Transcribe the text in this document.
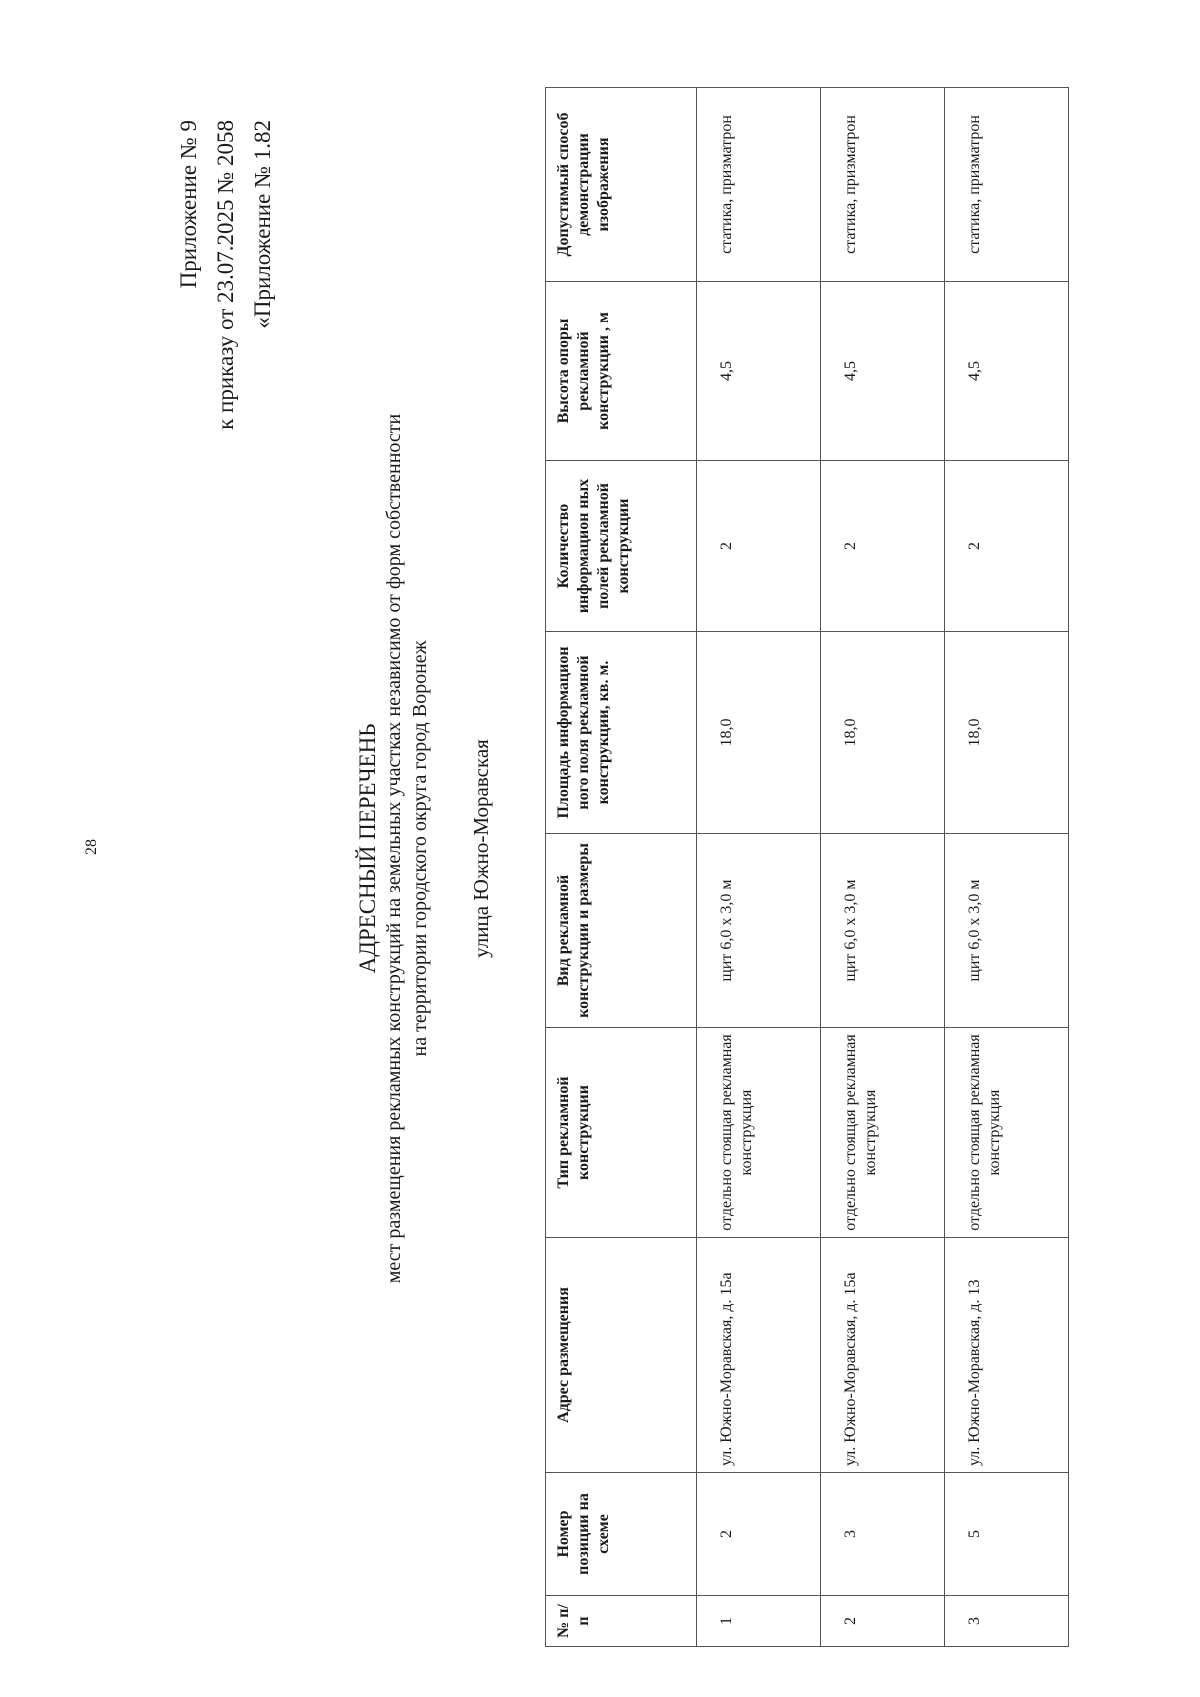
28
Приложение № 9 к приказу от 23.07.2025 № 2058 «Приложение № 1.82
АДРЕСНЫЙ ПЕРЕЧЕНЬ мест размещения рекламных конструкций на земельных участках независимо от форм собственности на территории городского округа город Воронеж улица Южно-Моравская
№ п/п	Номер позиции на схеме	Адрес размещения	Тип рекламной конструкции	Вид рекламной конструкции и размеры	Площадь информацион ного поля рекламной конструкции, кв. м.	Количество информацион ных полей рекламной конструкции	Высота опоры рекламной конструкции , м	Допустимый способ демонстрации изображения
1	2	ул. Южно-Моравская, д. 15а	отдельно стоящая рекламная конструкция	щит 6,0 х 3,0 м	18,0	2	4,5	статика, призматрон
2	3	ул. Южно-Моравская, д. 15а	отдельно стоящая рекламная конструкция	щит 6,0 х 3,0 м	18,0	2	4,5	статика, призматрон
3	5	ул. Южно-Моравская, д. 13	отдельно стоящая рекламная конструкция	щит 6,0 х 3,0 м	18,0	2	4,5	статика, призматрон
